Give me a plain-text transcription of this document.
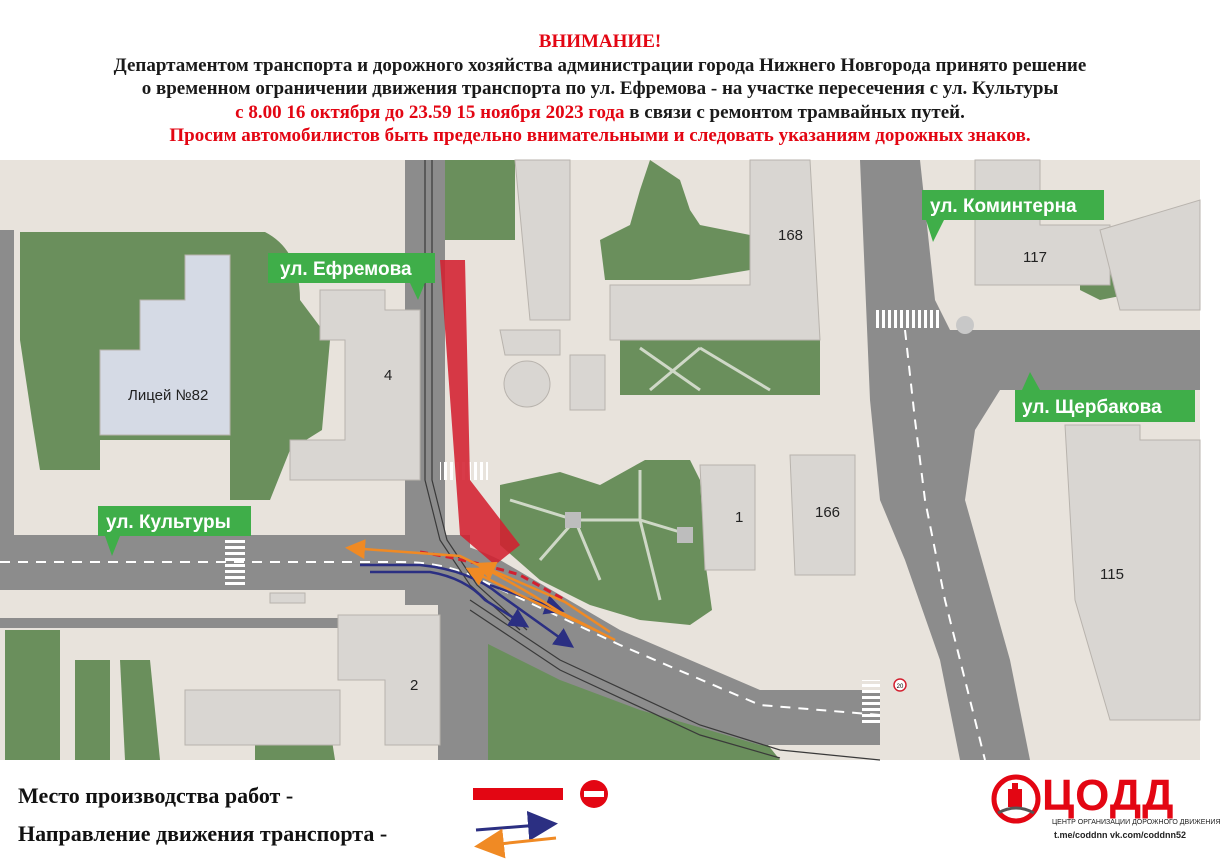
ВНИМАНИЕ!
Департаментом транспорта и дорожного хозяйства администрации города Нижнего Новгорода принято решение
о временном ограничении движения транспорта по ул. Ефремова - на участке пересечения с ул. Культуры
с 8.00 16 октября до 23.59 15 ноября 2023 года в связи с ремонтом трамвайных путей.
Просим автомобилистов быть предельно внимательными и следовать указаниям дорожных знаков.
20
ул. Ефремова
ул. Культуры
ул. Коминтерна
ул. Щербакова
Лицей №82
4
168
117
1	166
115
2
Место производства работ -
Направление движения транспорта -
ЦОДД
ЦЕНТР ОРГАНИЗАЦИИ ДОРОЖНОГО ДВИЖЕНИЯ
t.me/coddnn vk.com/coddnn52
